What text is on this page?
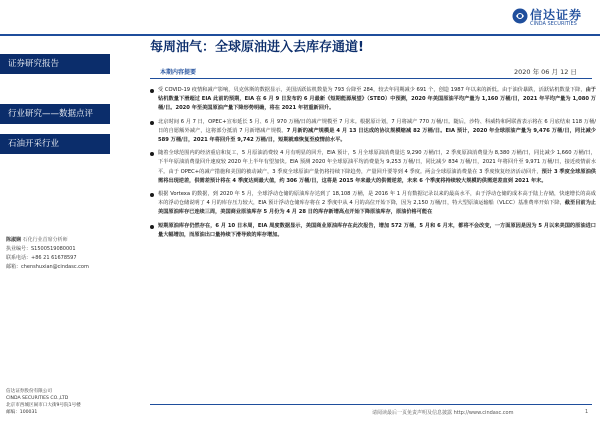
信达证券
CINDA SECURITIES
证券研究报告
行业研究——数据点评
石油开采行业
陈淑娴 石化行业首席分析师
执业编号：S1500519080001
联系电话：+86 21 61678597
邮箱：chenshuxian@cindasc.com
信达证券股份有限公司
CINDA SECURITIES CO.,LTD
北京市西城区闹市口大街9号院1号楼
邮编：100031
每周油气：全球原油进入去库存通道!
本期内容提要	2020 年 06 月 12 日
受 COVID-19 疫情和减产影响，贝克休斯的数据显示，美国活跃钻机数量为 793 台降至 284，较去年同期减少 691 个，创造 1987 年以来的新低。由于油价暴跌，活跃钻机数量下降，由于钻机数量下滑超过 EIA 此前的预期，EIA 在 6 月 9 日发布的 6 月最新《短期能源展望》（STEO）中预测，2020 年美国原油平均产量为 1,160 万桶/日，2021 年平均产量为 1,080 万桶/日。2020 年至美国原油产量下降形势明确，将在 2021 年初重新回升。
北京时间 6 月 7 日，OPEC+宣布延长 5 月、6 月 970 万桶/日的减产规模至 7 月末。根据原计划，7 月将减产 770 万桶/日。随后，沙特、科威特和阿联酋表示将在 6 月底结束 118 万桶/日的自愿额外减产，这将部分抵消 7 月新增减产规模。7 月新的减产规模是 4 月 13 日达成的协议规模缩减 82 万桶/日。EIA 预计，2020 年全球原油产量为 9,476 万桶/日，同比减少 589 万桶/日，2021 年将回升至 9,742 万桶/日，短期就难恢复至疫情前水平。
随着全球范围内的经济重启和复工，5 月原油消费较 4 月有明显的回升，EIA 预计，5 月全球原油消费量达 9,290 万桶/日，2 季度原油消费量为 8,380 万桶/日，同比减少 1,660 万桶/日，下半年原油消费量回升速度较 2020 年上半年有望加快。EIA 预测 2020 年全球原油平均消费量为 9,253 万桶/日，同比减少 834 万桶/日，2021 年将回升至 9,971 万桶/日，接近疫情前水平。由于 OPEC+的减产措施和美国的被动减产，3 季度全球原油产量仍将持续下降趋势，产量回升要等到 4 季度。两会全球原油消费量在 3 季度恢复经济活动回升，预计 3 季度全球原油供需将出现逆差，供需差预计将在 4 季度达到最大值，约 306 万桶/日，这将是 2015 年来最大的供需逆差，未来 6 个季度将持续较大规模的供需逆差直到 2021 年末。
根据 Vortexa 的数据，到 2020 年 5 月，全球浮动仓储的原油库存达到了 18,108 万桶，是 2016 年 1 月有数据记录以来的最高水平，由于浮动仓储的成本高于陆上存储，快速增长的高成本的浮动仓储说明了 4 月的库存压力较大，EIA 预计浮动仓储库存将在 2 季度中从 4 月的高位开始下降，因为 2,150 万桶/日，特大型原油运输船（VLCC）基准费率开始下降，截至目前为止美国原油库存已连续三周，美国商业原油库存 5 月份为 4 月 28 日的库存新增高点开始下降原油库存，原油价格可能在
短期原油库存仍然存在，6 月 10 日本周，EIA 周度数据显示，美国商业原油库存在此次报告，增加 572 万桶，5 月和 6 月末，都将不会改变，一方面原因是因为 5 月以来美国的原油进口量大幅增加，而原油出口量持续下滑导致的库存增加。
请阅读最后一页免责声明及信息披露 http://www.cindasc.com	1
